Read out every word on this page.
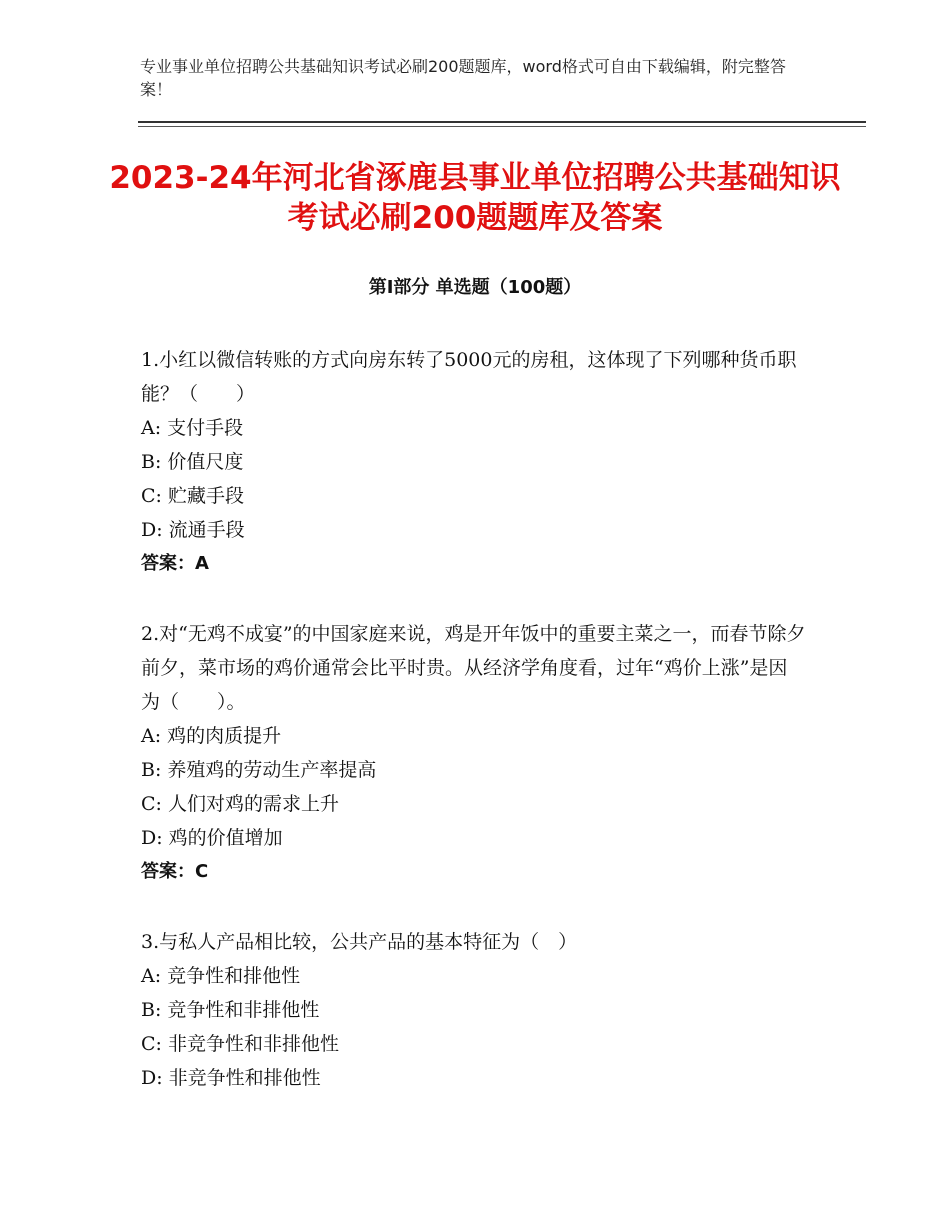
专业事业单位招聘公共基础知识考试必刷200题题库，word格式可自由下载编辑，附完整答案！
2023-24年河北省涿鹿县事业单位招聘公共基础知识考试必刷200题题库及答案
第Ⅰ部分 单选题（100题）
1.小红以微信转账的方式向房东转了5000元的房租，这体现了下列哪种货币职能？（　　）
A: 支付手段
B: 价值尺度
C: 贮藏手段
D: 流通手段
答案：A
2.对“无鸡不成宴”的中国家庭来说，鸡是开年饭中的重要主菜之一，而春节除夕前夕，菜市场的鸡价通常会比平时贵。从经济学角度看，过年“鸡价上涨”是因为（　　）。
A: 鸡的肉质提升
B: 养殖鸡的劳动生产率提高
C: 人们对鸡的需求上升
D: 鸡的价值增加
答案：C
3.与私人产品相比较，公共产品的基本特征为（　）
A: 竞争性和排他性
B: 竞争性和非排他性
C: 非竞争性和非排他性
D: 非竞争性和排他性
